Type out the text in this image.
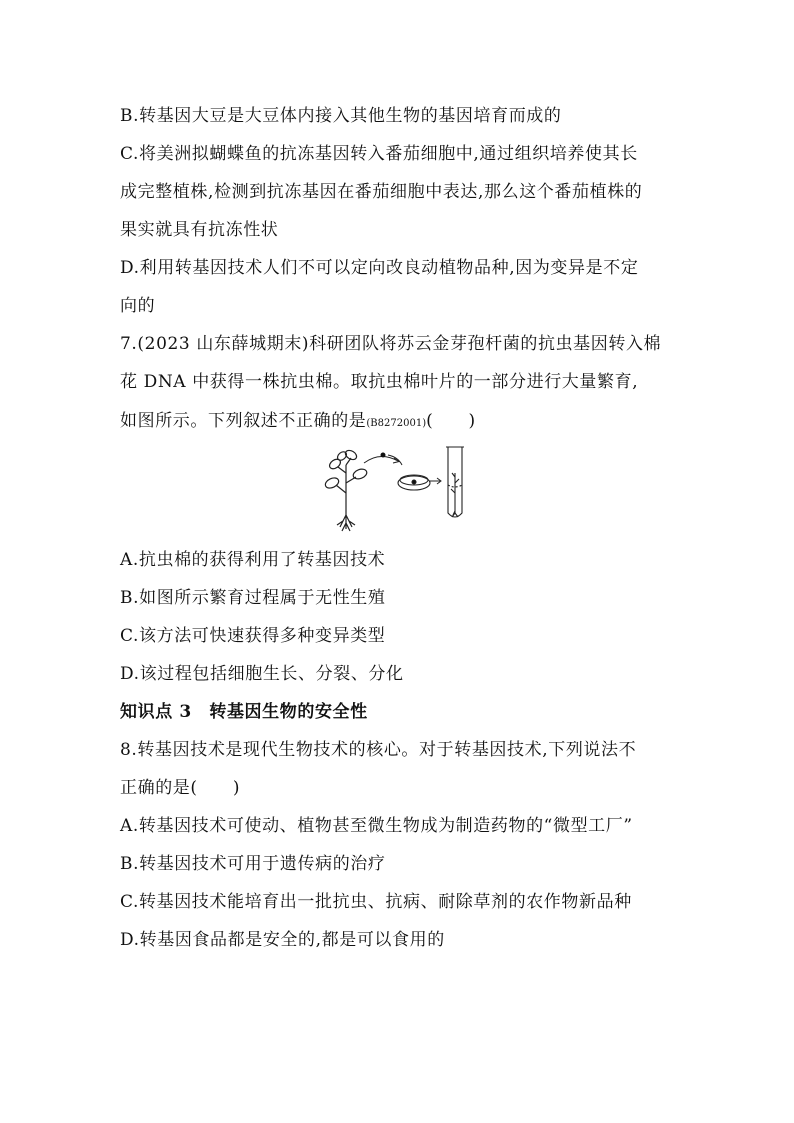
B.转基因大豆是大豆体内接入其他生物的基因培育而成的

C.将美洲拟蝴蝶鱼的抗冻基因转入番茄细胞中,通过组织培养使其长

成完整植株,检测到抗冻基因在番茄细胞中表达,那么这个番茄植株的

果实就具有抗冻性状

D.利用转基因技术人们不可以定向改良动植物品种,因为变异是不定

向的

7.(2023 山东薛城期末)科研团队将苏云金芽孢杆菌的抗虫基因转入棉

花 DNA 中获得一株抗虫棉。取抗虫棉叶片的一部分进行大量繁育,

如图所示。下列叙述不正确的是(B8272001)(　　)

A.抗虫棉的获得利用了转基因技术

B.如图所示繁育过程属于无性生殖

C.该方法可快速获得多种变异类型

D.该过程包括细胞生长、分裂、分化

知识点 3　转基因生物的安全性

8.转基因技术是现代生物技术的核心。对于转基因技术,下列说法不

正确的是(　　)

A.转基因技术可使动、植物甚至微生物成为制造药物的“微型工厂”

B.转基因技术可用于遗传病的治疗

C.转基因技术能培育出一批抗虫、抗病、耐除草剂的农作物新品种

D.转基因食品都是安全的,都是可以食用的
